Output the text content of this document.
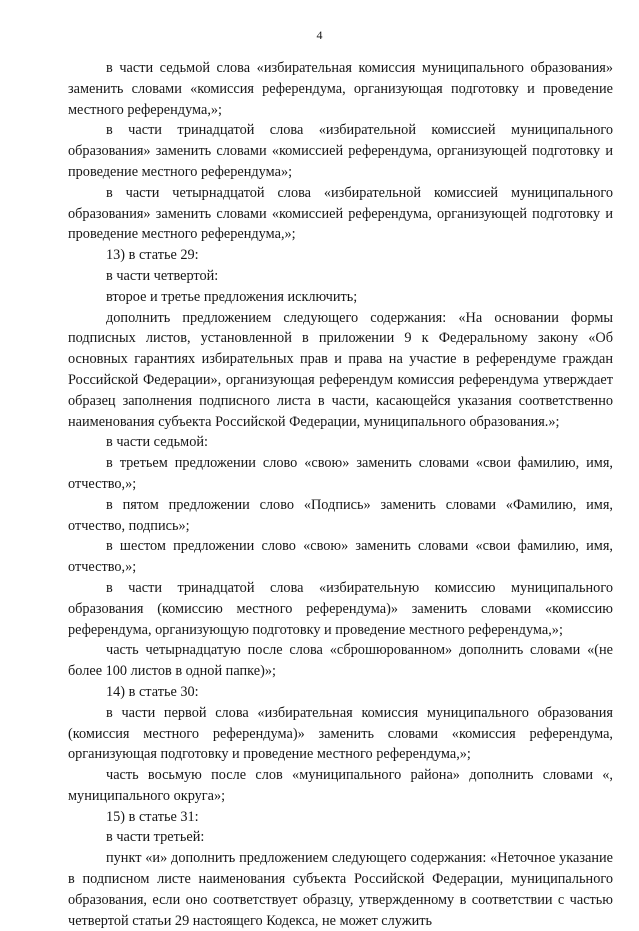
4

в части седьмой слова «избирательная комиссия муниципального образования» заменить словами «комиссия референдума, организующая подготовку и проведение местного референдума,»;

в части тринадцатой слова «избирательной комиссией муниципального образования» заменить словами «комиссией референдума, организующей подготовку и проведение местного референдума»;

в части четырнадцатой слова «избирательной комиссией муниципального образования» заменить словами «комиссией референдума, организующей подготовку и проведение местного референдума,»;

13) в статье 29:

в части четвертой:

второе и третье предложения исключить;

дополнить предложением следующего содержания: «На основании формы подписных листов, установленной в приложении 9 к Федеральному закону «Об основных гарантиях избирательных прав и права на участие в референдуме граждан Российской Федерации», организующая референдум комиссия референдума утверждает образец заполнения подписного листа в части, касающейся указания соответственно наименования субъекта Российской Федерации, муниципального образования.»;

в части седьмой:

в третьем предложении слово «свою» заменить словами «свои фамилию, имя, отчество,»;

в пятом предложении слово «Подпись» заменить словами «Фамилию, имя, отчество, подпись»;

в шестом предложении слово «свою» заменить словами «свои фамилию, имя, отчество,»;

в части тринадцатой слова «избирательную комиссию муниципального образования (комиссию местного референдума)» заменить словами «комиссию референдума, организующую подготовку и проведение местного референдума,»;

часть четырнадцатую после слова «сброшюрованном» дополнить словами «(не более 100 листов в одной папке)»;

14) в статье 30:

в части первой слова «избирательная комиссия муниципального образования (комиссия местного референдума)» заменить словами «комиссия референдума, организующая подготовку и проведение местного референдума,»;

часть восьмую после слов «муниципального района» дополнить словами «, муниципального округа»;

15) в статье 31:

в части третьей:

пункт «и» дополнить предложением следующего содержания: «Неточное указание в подписном листе наименования субъекта Российской Федерации, муниципального образования, если оно соответствует образцу, утвержденному в соответствии с частью четвертой статьи 29 настоящего Кодекса, не может служить
